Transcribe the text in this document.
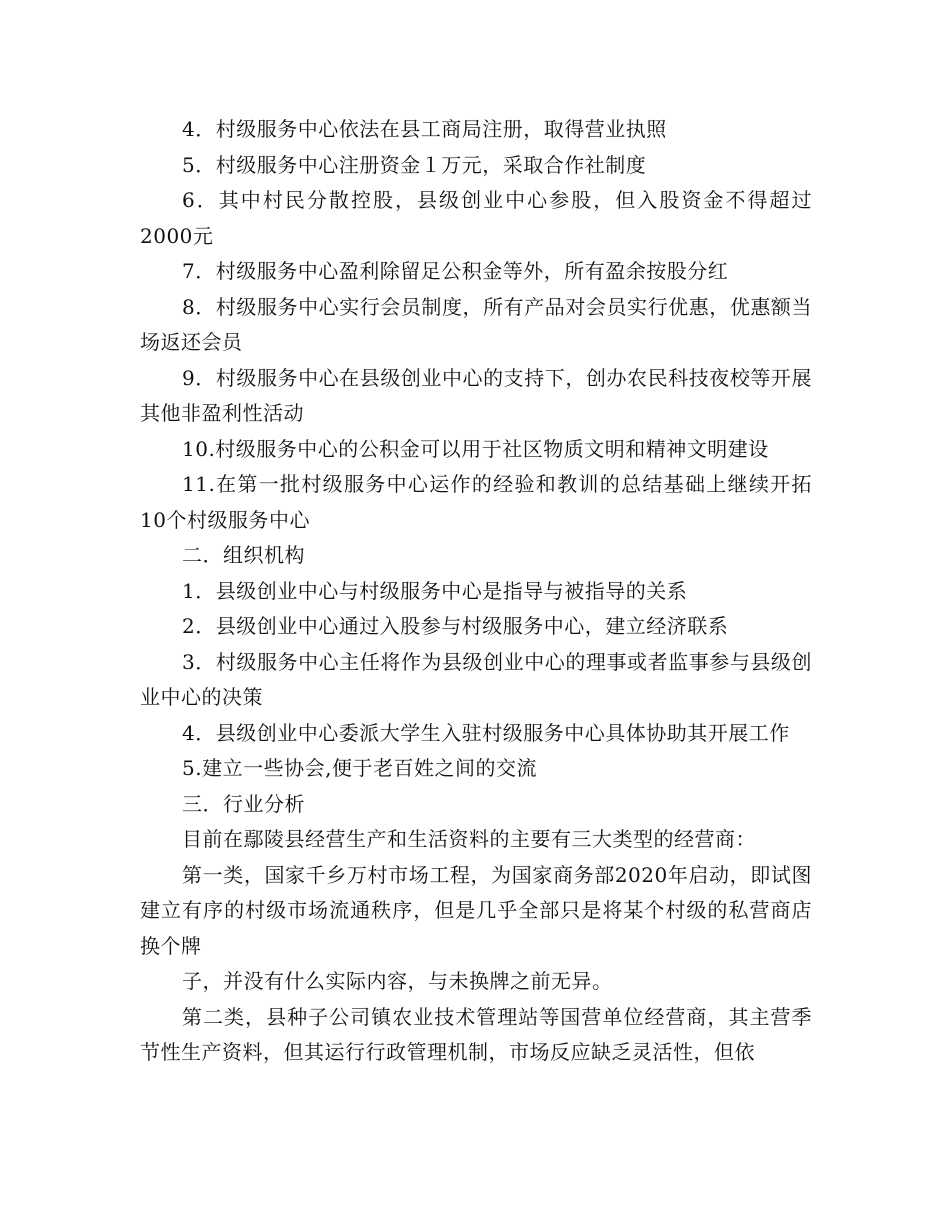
4．村级服务中心依法在县工商局注册，取得营业执照

5．村级服务中心注册资金１万元，采取合作社制度

6．其中村民分散控股，县级创业中心参股，但入股资金不得超过2000元

7．村级服务中心盈利除留足公积金等外，所有盈余按股分红

8．村级服务中心实行会员制度，所有产品对会员实行优惠，优惠额当场返还会员

9．村级服务中心在县级创业中心的支持下，创办农民科技夜校等开展其他非盈利性活动

10.村级服务中心的公积金可以用于社区物质文明和精神文明建设

11.在第一批村级服务中心运作的经验和教训的总结基础上继续开拓10个村级服务中心

二．组织机构

1．县级创业中心与村级服务中心是指导与被指导的关系

2．县级创业中心通过入股参与村级服务中心，建立经济联系

3．村级服务中心主任将作为县级创业中心的理事或者监事参与县级创业中心的决策

4．县级创业中心委派大学生入驻村级服务中心具体协助其开展工作

5.建立一些协会,便于老百姓之间的交流

三．行业分析

目前在鄢陵县经营生产和生活资料的主要有三大类型的经营商：

第一类，国家千乡万村市场工程，为国家商务部2020年启动，即试图建立有序的村级市场流通秩序，但是几乎全部只是将某个村级的私营商店换个牌

子，并没有什么实际内容，与未换牌之前无异。

第二类，县种子公司镇农业技术管理站等国营单位经营商，其主营季节性生产资料，但其运行行政管理机制，市场反应缺乏灵活性，但依
